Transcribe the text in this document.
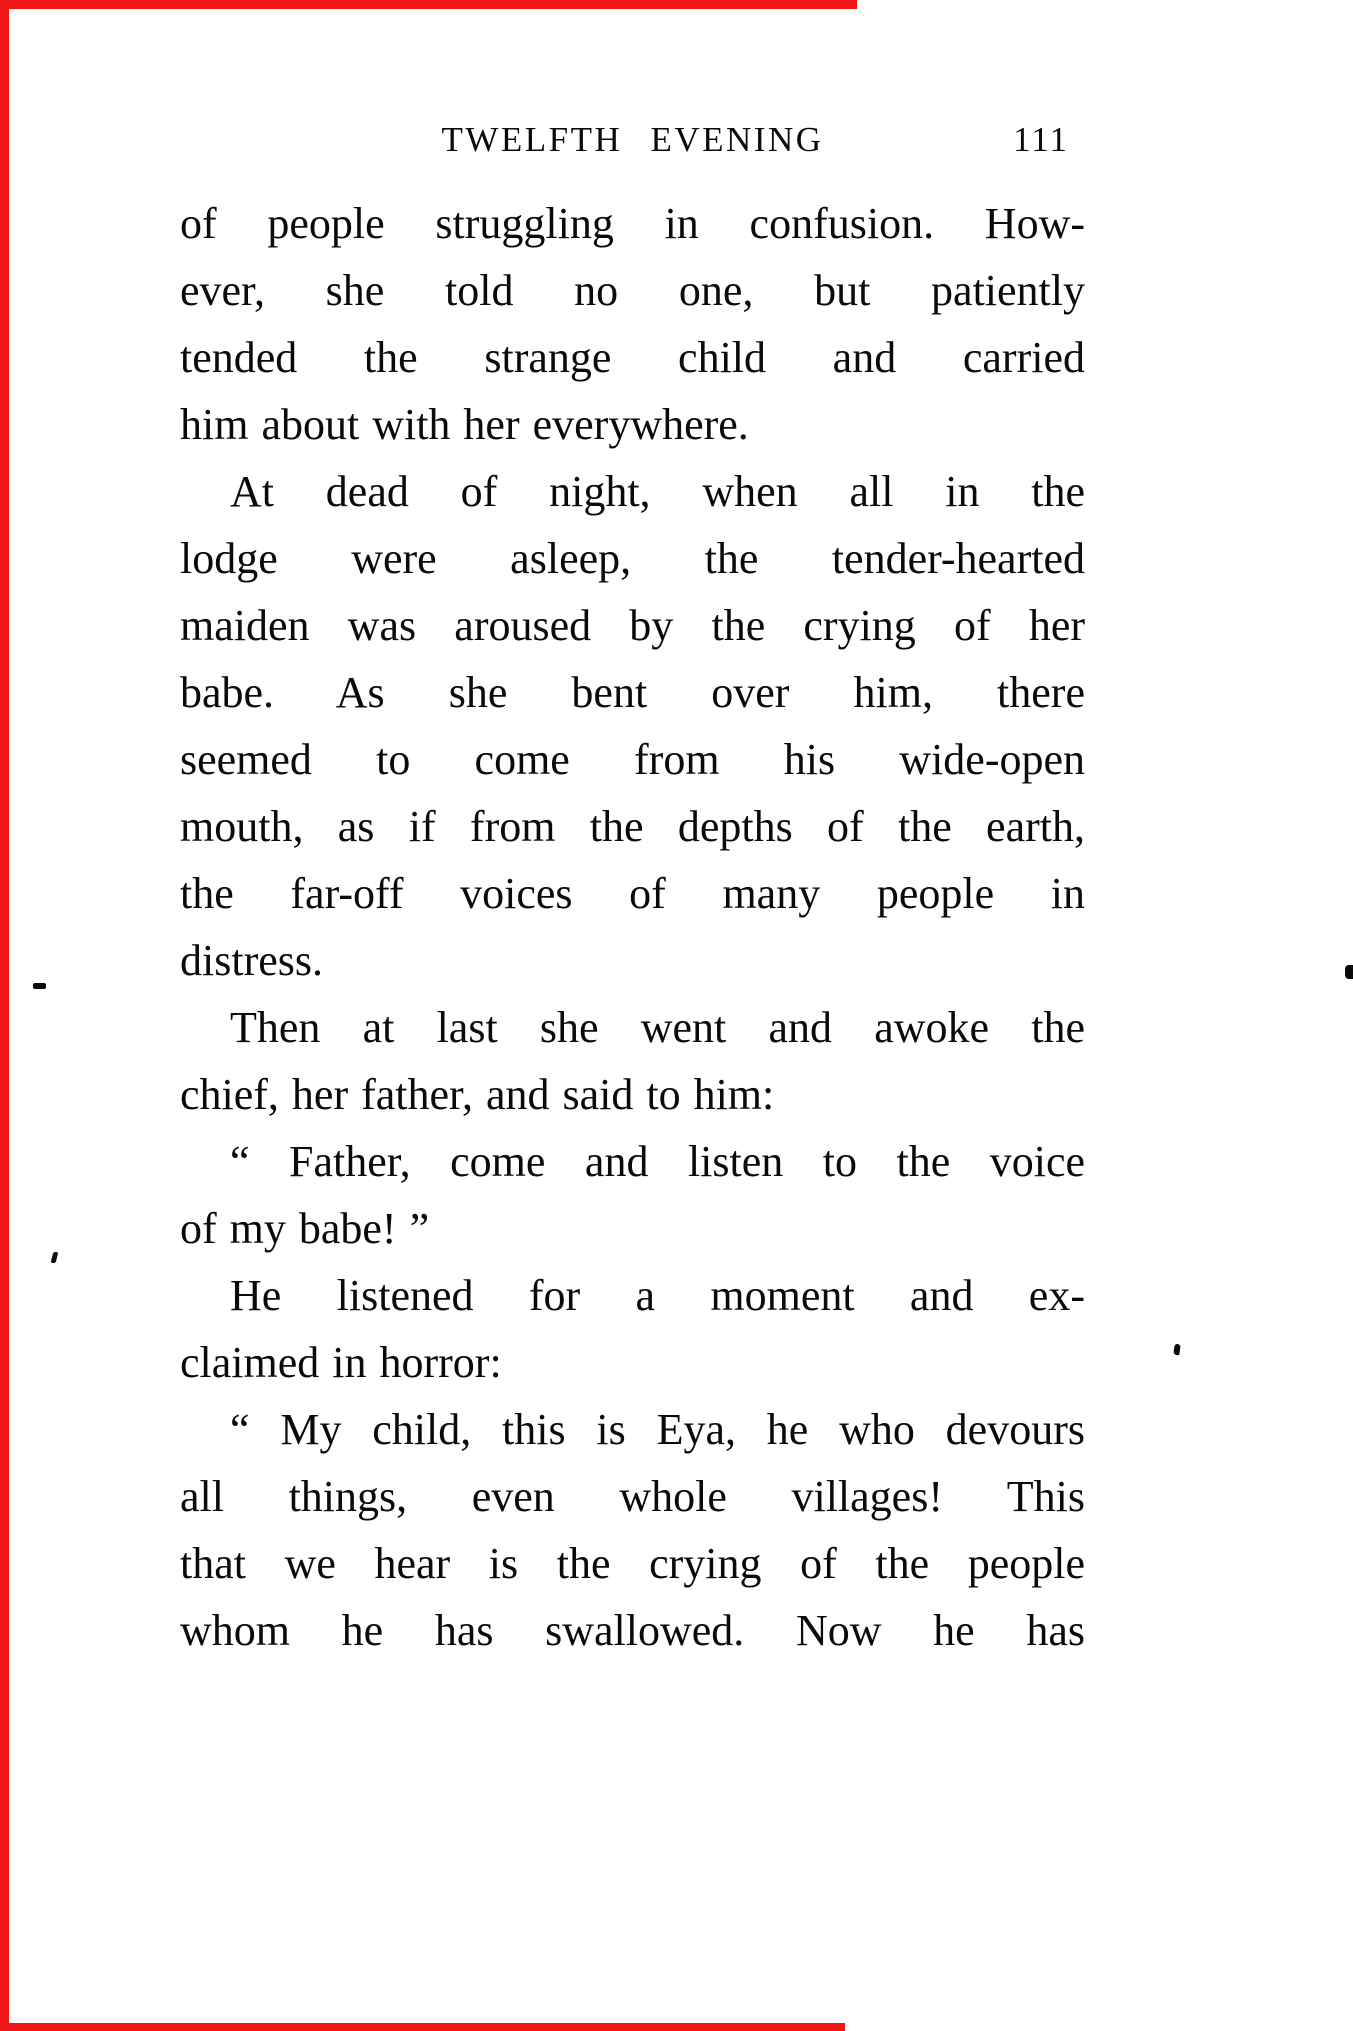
TWELFTH EVENING	111
of people struggling in confusion. How-
ever, she told no one, but patiently
tended the strange child and carried
him about with her everywhere.
At dead of night, when all in the
lodge were asleep, the tender-hearted
maiden was aroused by the crying of her
babe. As she bent over him, there
seemed to come from his wide-open
mouth, as if from the depths of the earth,
the far-off voices of many people in
distress.
Then at last she went and awoke the
chief, her father, and said to him:
“ Father, come and listen to the voice
of my babe! ”
He listened for a moment and ex-
claimed in horror:
“ My child, this is Eya, he who devours
all things, even whole villages! This
that we hear is the crying of the people
whom he has swallowed. Now he has
